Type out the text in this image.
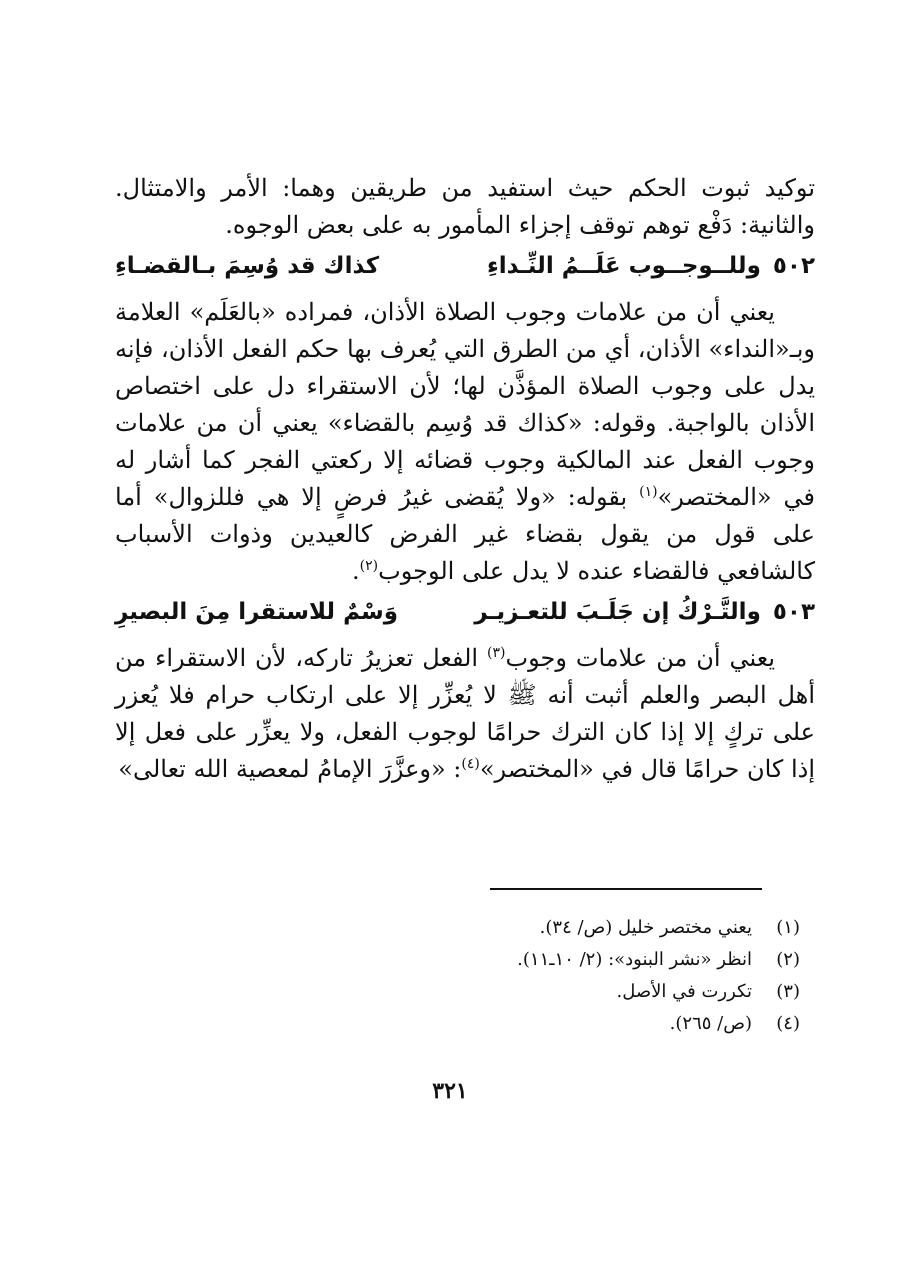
توكيد ثبوت الحكم حيث استفيد من طريقين وهما: الأمر والامتثال. والثانية: دَفْع توهم توقف إجزاء المأمور به على بعض الوجوه.

٥٠٢
وللــوجــوب عَلَــمُ النِّـداءِ
كذاك قد وُسِمَ بـالقضـاءِ

يعني أن من علامات وجوب الصلاة الأذان، فمراده «بالعَلَم» العلامة وبـ«النداء» الأذان، أي من الطرق التي يُعرف بها حكم الفعل الأذان، فإنه يدل على وجوب الصلاة المؤذَّن لها؛ لأن الاستقراء دل على اختصاص الأذان بالواجبة. وقوله: «كذاك قد وُسِم بالقضاء» يعني أن من علامات وجوب الفعل عند المالكية وجوب قضائه إلا ركعتي الفجر كما أشار له في «المختصر»$^{(١)}$ بقوله: «ولا يُقضى غيرُ فرضٍ إلا هي فللزوال» أما على قول من يقول بقضاء غير الفرض كالعيدين وذوات الأسباب كالشافعي فالقضاء عنده لا يدل على الوجوب$^{(٢)}$.

٥٠٣
والتَّـرْكُ إن جَلَـبَ للتعـزيـر
وَسْمٌ للاستقرا مِنَ البصيرِ

يعني أن من علامات وجوب$^{(٣)}$ الفعل تعزيرُ تاركه، لأن الاستقراء من أهل البصر والعلم أثبت أنه ﷺ لا يُعزِّر إلا على ارتكاب حرام فلا يُعزر على تركٍ إلا إذا كان الترك حرامًا لوجوب الفعل، ولا يعزِّر على فعل إلا إذا كان حرامًا قال في «المختصر»$^{(٤)}$: «وعزَّرَ الإمامُ لمعصية الله تعالى»

(١)
يعني مختصر خليل (ص/ ٣٤).
(٢)
انظر «نشر البنود»: (٢/ ١٠ـ١١).
(٣)
تكررت في الأصل.
(٤)
(ص/ ٢٦٥).
٣٢١
